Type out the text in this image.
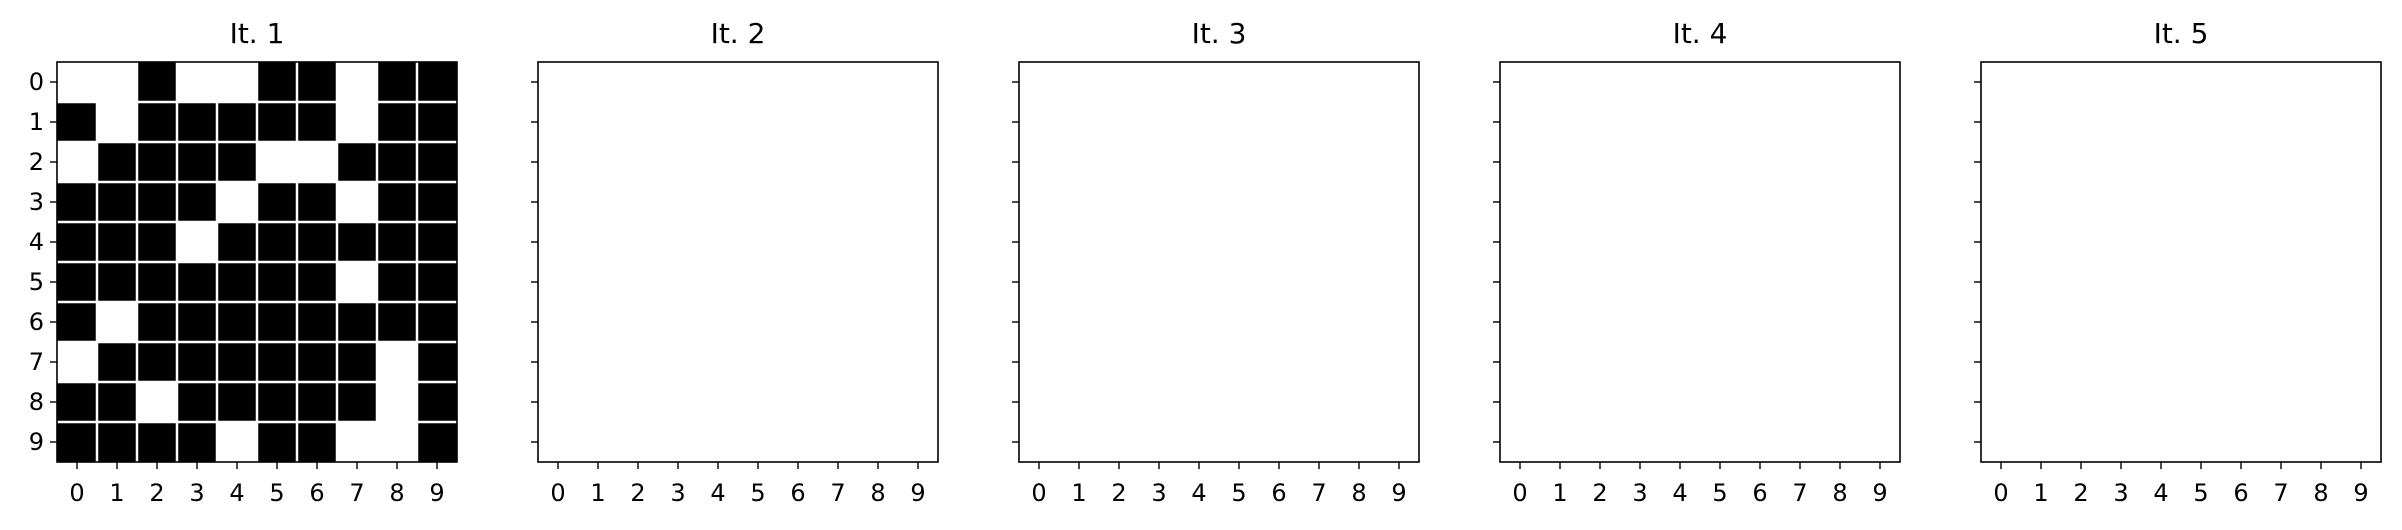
It. 1
0 1 2 3 4 5 6 7 8 9
0
1
2
3
4
5
6
7
8
9
It. 2
0 1 2 3 4 5 6 7 8 9
It. 3
0 1 2 3 4 5 6 7 8 9
It. 4
0 1 2 3 4 5 6 7 8 9
It. 5
0 1 2 3 4 5 6 7 8 9
